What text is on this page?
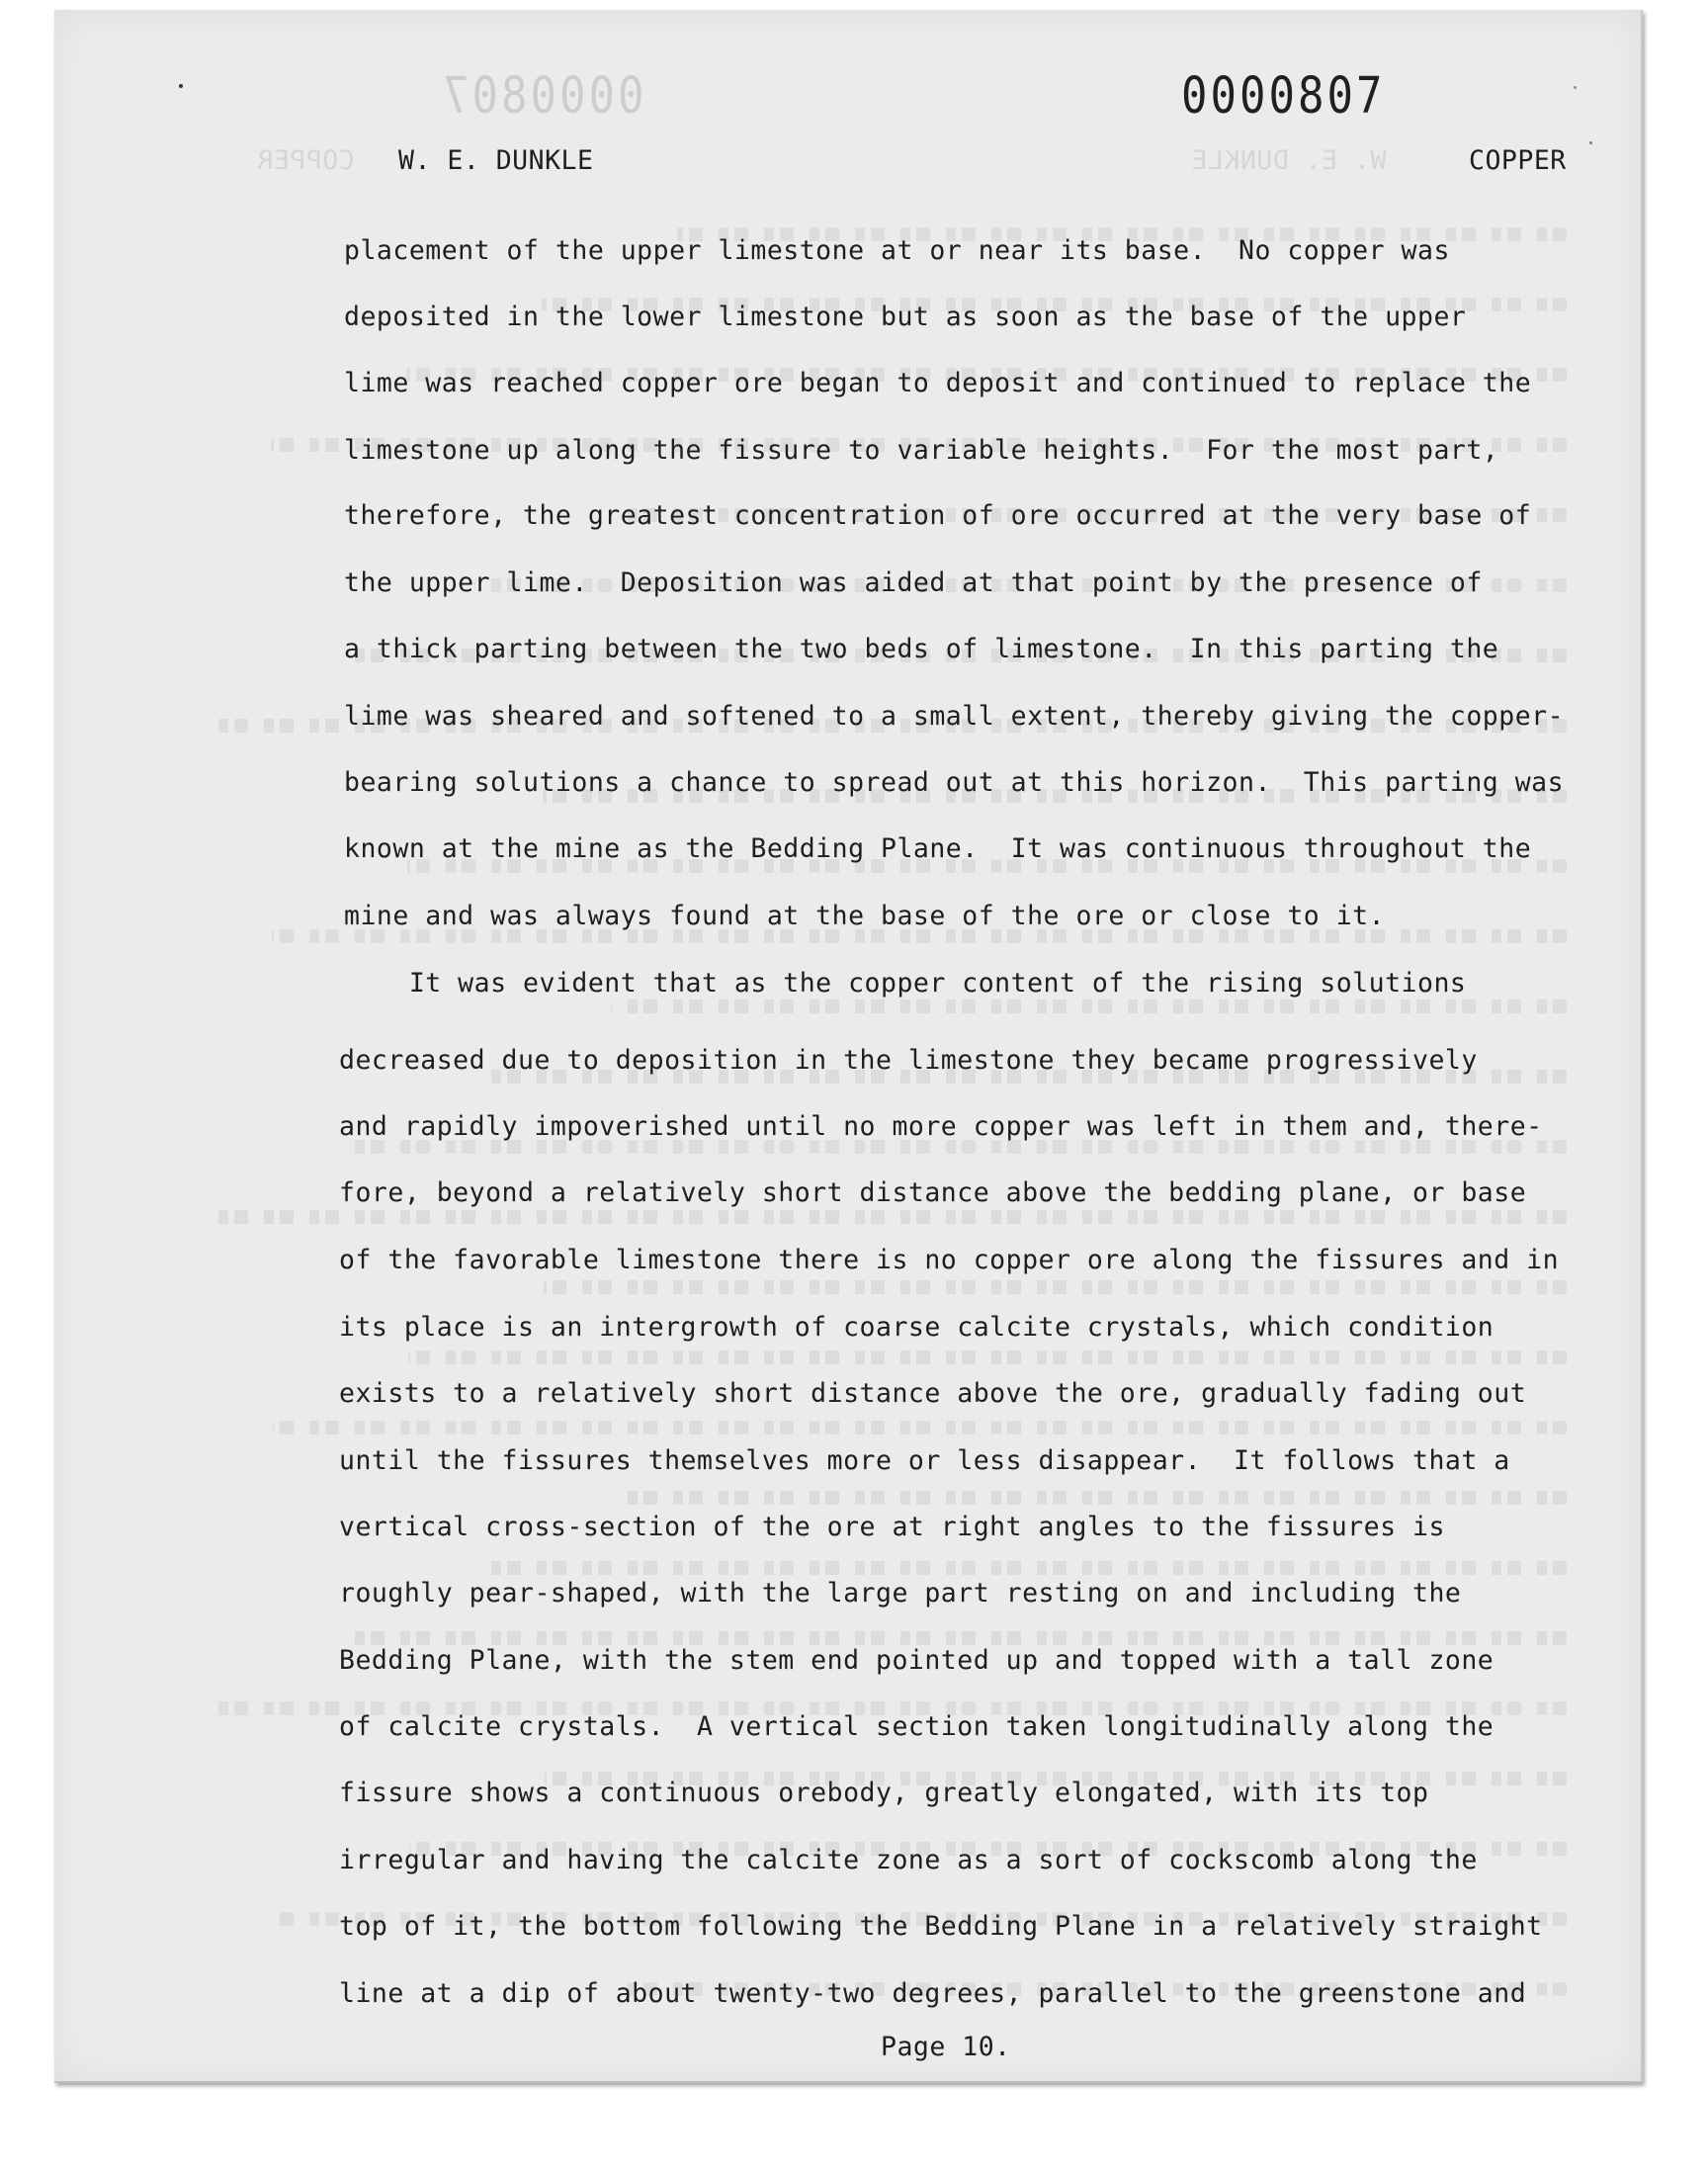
0000807
W. E. DUNKLE
COPPER
0000807
W. E. DUNKLE	COPPER
placement of the upper limestone at or near its base.  No copper was
deposited in the lower limestone but as soon as the base of the upper
lime was reached copper ore began to deposit and continued to replace the
limestone up along the fissure to variable heights.  For the most part,
therefore, the greatest concentration of ore occurred at the very base of
the upper lime.  Deposition was aided at that point by the presence of
a thick parting between the two beds of limestone.  In this parting the
lime was sheared and softened to a small extent, thereby giving the copper-
bearing solutions a chance to spread out at this horizon.  This parting was
known at the mine as the Bedding Plane.  It was continuous throughout the
mine and was always found at the base of the ore or close to it.
It was evident that as the copper content of the rising solutions
decreased due to deposition in the limestone they became progressively
and rapidly impoverished until no more copper was left in them and, there-
fore, beyond a relatively short distance above the bedding plane, or base
of the favorable limestone there is no copper ore along the fissures and in
its place is an intergrowth of coarse calcite crystals, which condition
exists to a relatively short distance above the ore, gradually fading out
until the fissures themselves more or less disappear.  It follows that a
vertical cross-section of the ore at right angles to the fissures is
roughly pear-shaped, with the large part resting on and including the
Bedding Plane, with the stem end pointed up and topped with a tall zone
of calcite crystals.  A vertical section taken longitudinally along the
fissure shows a continuous orebody, greatly elongated, with its top
irregular and having the calcite zone as a sort of cockscomb along the
top of it, the bottom following the Bedding Plane in a relatively straight
line at a dip of about twenty-two degrees, parallel to the greenstone and
Page 10.
